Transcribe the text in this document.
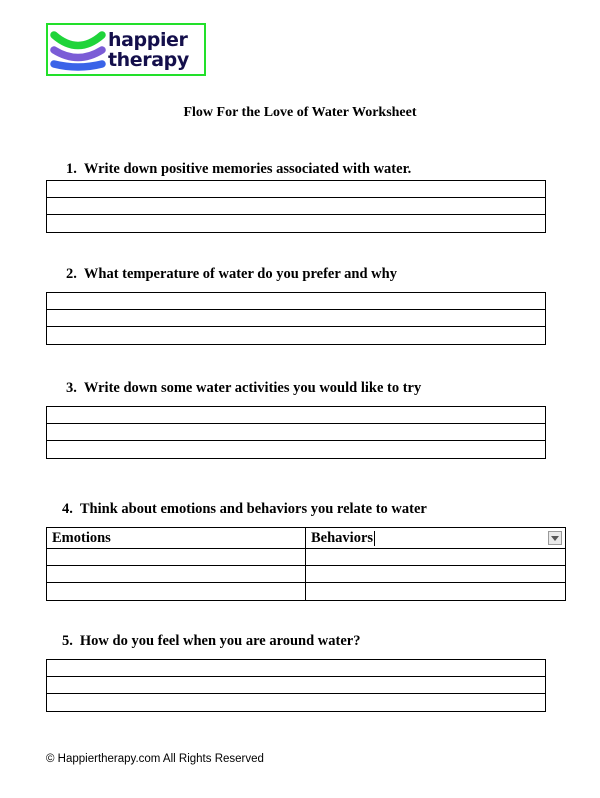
happier
therapy
Flow For the Love of Water Worksheet
1. Write down positive memories associated with water.
2. What temperature of water do you prefer and why
3. Write down some water activities you would like to try
4. Think about emotions and behaviors you relate to water
Emotions	Behaviors
5. How do you feel when you are around water?
© Happiertherapy.com All Rights Reserved
